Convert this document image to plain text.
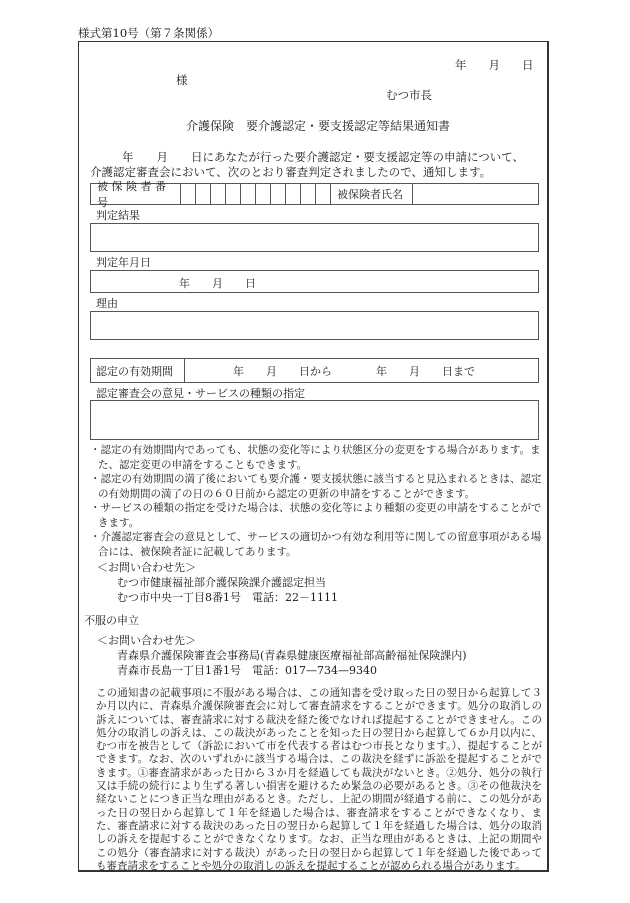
様式第10号（第７条関係）
年 月 日
様
むつ市長
介護保険　要介護認定・要支援認定等結果通知書
年　　月　　日にあなたが行った要介護認定・要支援認定等の申請について、
介護認定審査会において、次のとおり審査判定されましたので、通知します。
被 保 険 者 番 号
被保険者氏名
判定結果
判定年月日
年　　月　　日
理由
認定の有効期間	年　　月　　日から　　　　年　　月　　日まで
認定審査会の意見・サービスの種類の指定
・認定の有効期間内であっても、状態の変化等により状態区分の変更をする場合があります。また、認定変更の申請をすることもできます。
・認定の有効期間の満了後においても要介護・要支援状態に該当すると見込まれるときは、認定の有効期間の満了の日の６０日前から認定の更新の申請をすることができます。
・サービスの種類の指定を受けた場合は、状態の変化等により種類の変更の申請をすることができます。
・介護認定審査会の意見として、サービスの適切かつ有効な利用等に関しての留意事項がある場合には、被保険者証に記載してあります。
＜お問い合わせ先＞
むつ市健康福祉部介護保険課介護認定担当
むつ市中央一丁目8番1号　電話：22－1111
不服の申立
＜お問い合わせ先＞
青森県介護保険審査会事務局(青森県健康医療福祉部高齢福祉保険課内)
青森市長島一丁目1番1号　電話：017—734—9340
この通知書の記載事項に不服がある場合は、この通知書を受け取った日の翌日から起算して３か月以内に、青森県介護保険審査会に対して審査請求をすることができます。処分の取消しの訴えについては、審査請求に対する裁決を経た後でなければ提起することができません。この処分の取消しの訴えは、この裁決があったことを知った日の翌日から起算して６か月以内に、むつ市を被告として（訴訟において市を代表する者はむつ市長となります。）、提起することができます。なお、次のいずれかに該当する場合は、この裁決を経ずに訴訟を提起することができます。①審査請求があった日から３か月を経過しても裁決がないとき。②処分、処分の執行又は手続の続行により生ずる著しい損害を避けるため緊急の必要があるとき。③その他裁決を経ないことにつき正当な理由があるとき。ただし、上記の期間が経過する前に、この処分があった日の翌日から起算して１年を経過した場合は、審査請求をすることができなくなり、また、審査請求に対する裁決のあった日の翌日から起算して１年を経過した場合は、処分の取消しの訴えを提起することができなくなります。なお、正当な理由があるときは、上記の期間やこの処分（審査請求に対する裁決）があった日の翌日から起算して１年を経過した後であっても審査請求をすることや処分の取消しの訴えを提起することが認められる場合があります。
